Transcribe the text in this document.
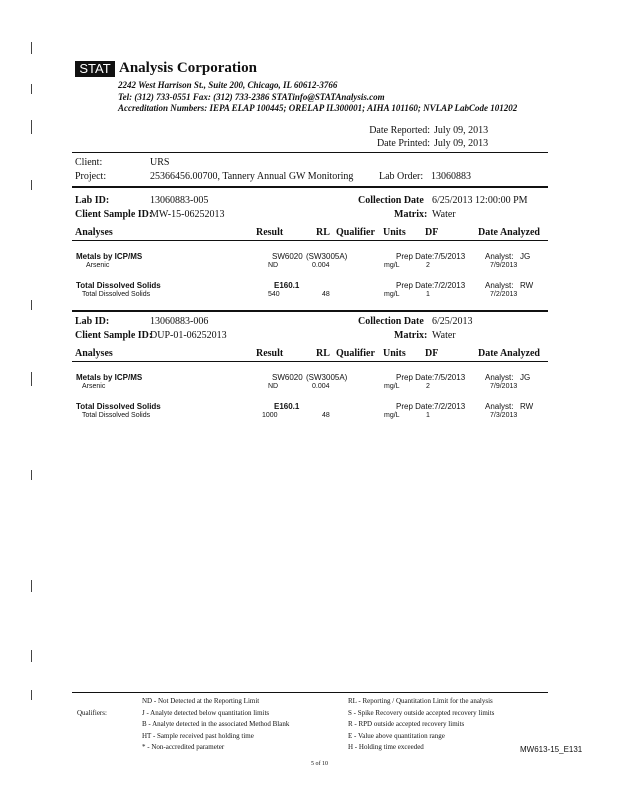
STAT Analysis Corporation
2242 West Harrison St., Suite 200, Chicago, IL 60612-3766
Tel: (312) 733-0551 Fax: (312) 733-2386 STATinfo@STATAnalysis.com
Accreditation Numbers: IEPA ELAP 100445; ORELAP IL300001; AIHA 101160; NVLAP LabCode 101202
Date Reported: July 09, 2013
Date Printed: July 09, 2013
Client:	URS
Project:	25366456.00700, Tannery Annual GW Monitoring	Lab Order: 13060883
Lab ID:	13060883-005	Collection Date 6/25/2013 12:00:00 PM
Client Sample ID:
MW-15-06252013	Matrix: Water
Analyses	Result	RL Qualifier Units DF	Date Analyzed
Metals by ICP/MS	SW6020 (SW3005A)	Prep Date: 7/5/2013 Analyst: JG
Arsenic	ND	0.004	mg/L	2	7/9/2013
Total Dissolved Solids	E160.1	Prep Date: 7/2/2013 Analyst: RW
Total Dissolved Solids	540	48	mg/L	1	7/2/2013
Lab ID:	13060883-006	Collection Date 6/25/2013
Client Sample ID:
DUP-01-06252013	Matrix: Water
Analyses	Result	RL Qualifier Units DF	Date Analyzed
Metals by ICP/MS	SW6020 (SW3005A)	Prep Date: 7/5/2013 Analyst: JG
Arsenic	ND	0.004	mg/L	2	7/9/2013
Total Dissolved Solids	E160.1	Prep Date: 7/2/2013 Analyst: RW
Total Dissolved Solids	1000	48	mg/L	1	7/3/2013
Qualifiers:
ND - Not Detected at the Reporting Limit
J - Analyte detected below quantitation limits
B - Analyte detected in the associated Method Blank
HT - Sample received past holding time
* - Non-accredited parameter
RL - Reporting / Quantitation Limit for the analysis
S - Spike Recovery outside accepted recovery limits
R - RPD outside accepted recovery limits
E - Value above quantitation range
H - Holding time exceeded	MW613-15_E131
5 of 10
